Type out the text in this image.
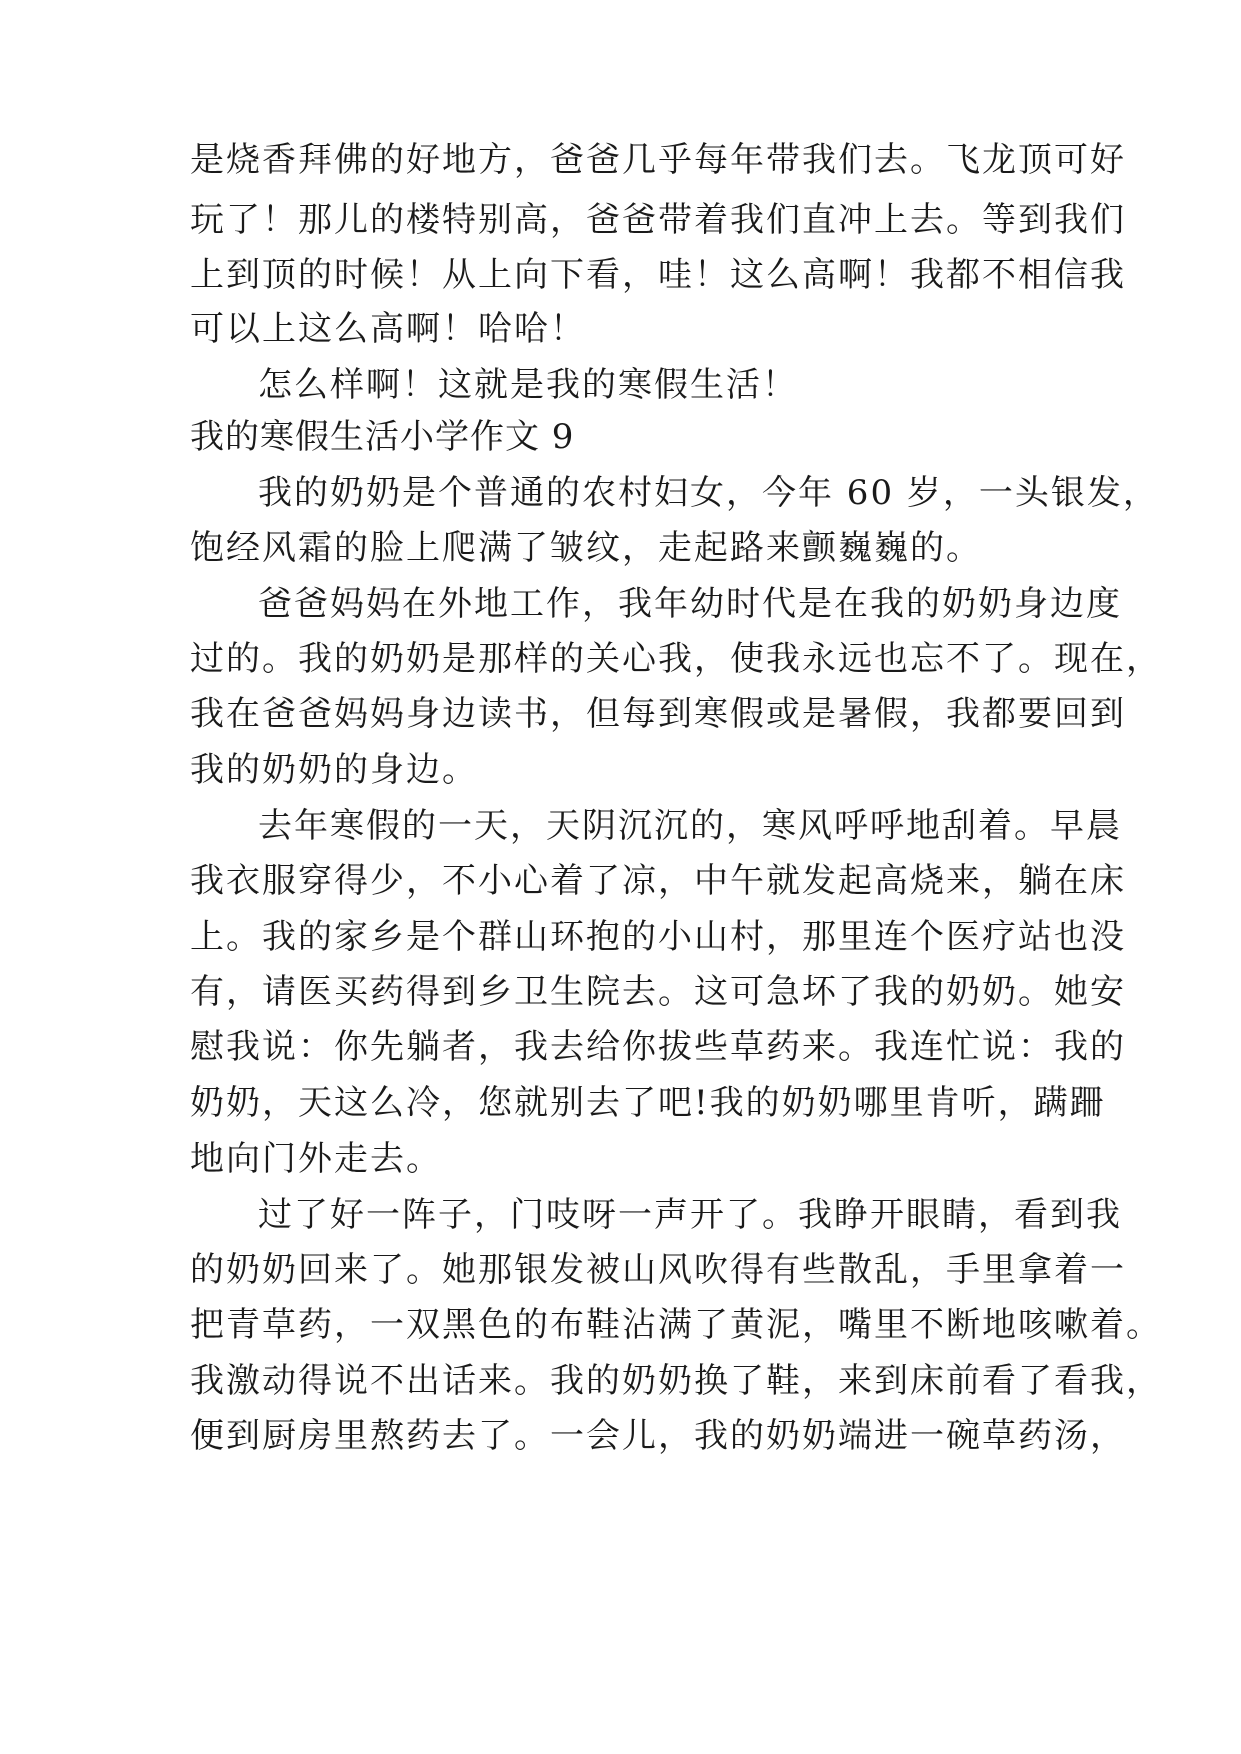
是烧香拜佛的好地方，爸爸几乎每年带我们去。飞龙顶可好
玩了！那儿的楼特别高，爸爸带着我们直冲上去。等到我们
上到顶的时候！从上向下看，哇！这么高啊！我都不相信我
可以上这么高啊！哈哈！
怎么样啊！这就是我的寒假生活！
我的寒假生活小学作文 9
我的奶奶是个普通的农村妇女，今年 60 岁，一头银发，
饱经风霜的脸上爬满了皱纹，走起路来颤巍巍的。
爸爸妈妈在外地工作，我年幼时代是在我的奶奶身边度
过的。我的奶奶是那样的关心我，使我永远也忘不了。现在，
我在爸爸妈妈身边读书，但每到寒假或是暑假，我都要回到
我的奶奶的身边。
去年寒假的一天，天阴沉沉的，寒风呼呼地刮着。早晨
我衣服穿得少，不小心着了凉，中午就发起高烧来，躺在床
上。我的家乡是个群山环抱的小山村，那里连个医疗站也没
有，请医买药得到乡卫生院去。这可急坏了我的奶奶。她安
慰我说：你先躺者，我去给你拔些草药来。我连忙说：我的
奶奶，天这么冷，您就别去了吧!我的奶奶哪里肯听，蹒跚
地向门外走去。
过了好一阵子，门吱呀一声开了。我睁开眼睛，看到我
的奶奶回来了。她那银发被山风吹得有些散乱，手里拿着一
把青草药，一双黑色的布鞋沾满了黄泥，嘴里不断地咳嗽着。
我激动得说不出话来。我的奶奶换了鞋，来到床前看了看我，
便到厨房里熬药去了。一会儿，我的奶奶端进一碗草药汤，
